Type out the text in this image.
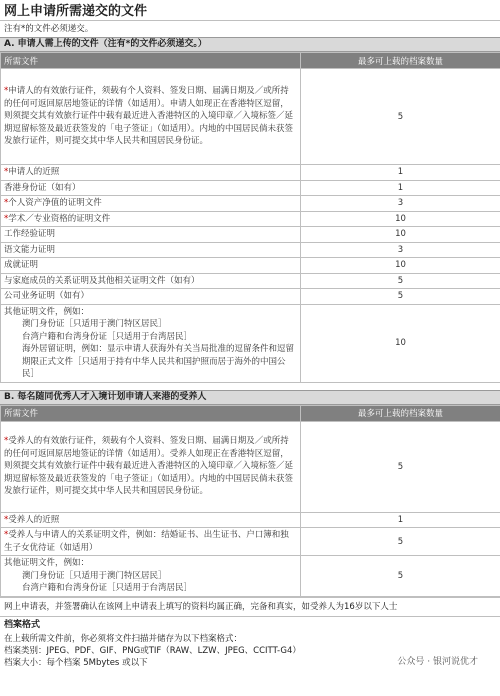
网上申请所需递交的文件
注有*的文件必须递交。
A. 申请人需上传的文件（注有*的文件必须递交。）
所需文件	最多可上载的档案数量
*申请人的有效旅行证件，须载有个人资料、签发日期、届满日期及／或所持的任何可返回原居地签证的详情（如适用）。申请人如现正在香港特区逗留，则须提交其有效旅行证件中载有最近进入香港特区的入境印章／入境标签／延期逗留标签及最近获签发的「电子签证」（如适用）。内地的中国居民倘未获签发旅行证件，则可提交其中华人民共和国居民身份证。	5
*申请人的近照	1
香港身份证（如有）	1
*个人资产净值的证明文件	3
*学术／专业资格的证明文件	10
工作经验证明	10
语文能力证明	3
成就证明	10
与家庭成员的关系证明及其他相关证明文件（如有）	5
公司业务证明（如有）	5
其他证明文件，例如：
澳门身份证［只适用于澳门特区居民］
台湾户籍和台湾身份证［只适用于台湾居民］
海外居留证明，例如：显示申请人获海外有关当局批准的逗留条件和逗留期限正式文件［只适用于持有中华人民共和国护照而居于海外的中国公民］	10
B. 每名随同优秀人才入境计划申请人来港的受养人
所需文件	最多可上载的档案数量
*受养人的有效旅行证件，须载有个人资料、签发日期、届满日期及／或所持的任何可返回原居地签证的详情（如适用）。受养人如现正在香港特区逗留，则须提交其有效旅行证件中载有最近进入香港特区的入境印章／入境标签／延期逗留标签及最近获签发的「电子签证」（如适用）。内地的中国居民倘未获签发旅行证件，则可提交其中华人民共和国居民身份证。	5
*受养人的近照	1
*受养人与申请人的关系证明文件，例如：结婚证书、出生证书、户口簿和独生子女优待证（如适用）	5
其他证明文件，例如：
澳门身份证［只适用于澳门特区居民］
台湾户籍和台湾身份证［只适用于台湾居民］	5
网上申请表，并签署确认在该网上申请表上填写的资料均属正确，完备和真实，如受养人为16岁以下人士
档案格式
在上载所需文件前，你必须将文件扫描并储存为以下档案格式：
档案类别：JPEG、PDF、GIF、PNG或TIF（RAW、LZW、JPEG、CCITT-G4）
档案大小：每个档案 5Mbytes 或以下	公众号 · 银河说优才
